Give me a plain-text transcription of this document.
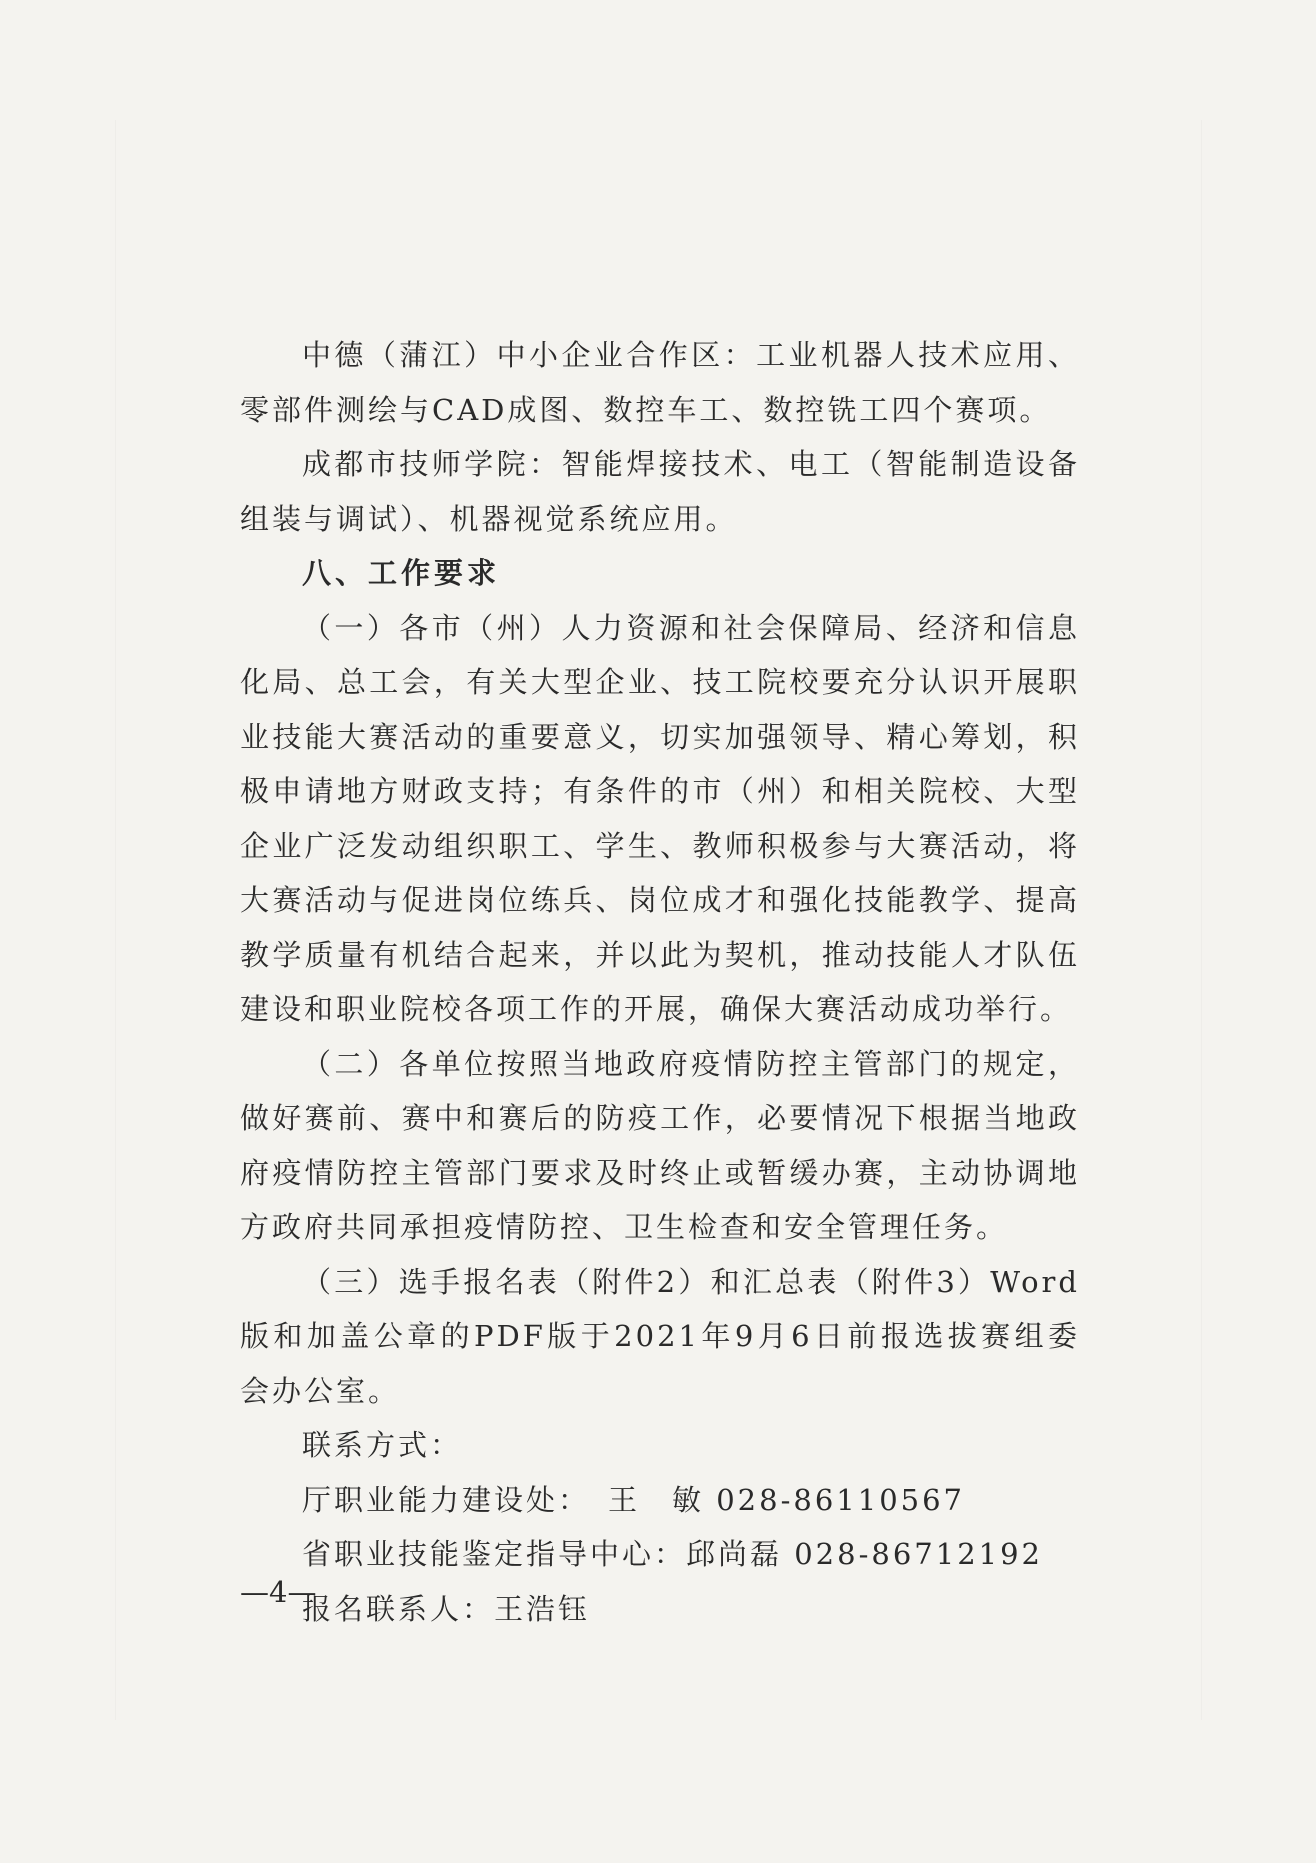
中德（蒲江）中小企业合作区：工业机器人技术应用、零部件测绘与CAD成图、数控车工、数控铣工四个赛项。

成都市技师学院：智能焊接技术、电工（智能制造设备组装与调试）、机器视觉系统应用。

八、工作要求

（一）各市（州）人力资源和社会保障局、经济和信息化局、总工会，有关大型企业、技工院校要充分认识开展职业技能大赛活动的重要意义，切实加强领导、精心筹划，积极申请地方财政支持；有条件的市（州）和相关院校、大型企业广泛发动组织职工、学生、教师积极参与大赛活动，将大赛活动与促进岗位练兵、岗位成才和强化技能教学、提高教学质量有机结合起来，并以此为契机，推动技能人才队伍建设和职业院校各项工作的开展，确保大赛活动成功举行。

（二）各单位按照当地政府疫情防控主管部门的规定，做好赛前、赛中和赛后的防疫工作，必要情况下根据当地政府疫情防控主管部门要求及时终止或暂缓办赛，主动协调地方政府共同承担疫情防控、卫生检查和安全管理任务。

（三）选手报名表（附件2）和汇总表（附件3）Word版和加盖公章的PDF版于2021年9月6日前报选拔赛组委会办公室。

联系方式：

厅职业能力建设处： 王　敏 028-86110567

省职业技能鉴定指导中心：邱尚磊 028-86712192

报名联系人：王浩钰

—4—
